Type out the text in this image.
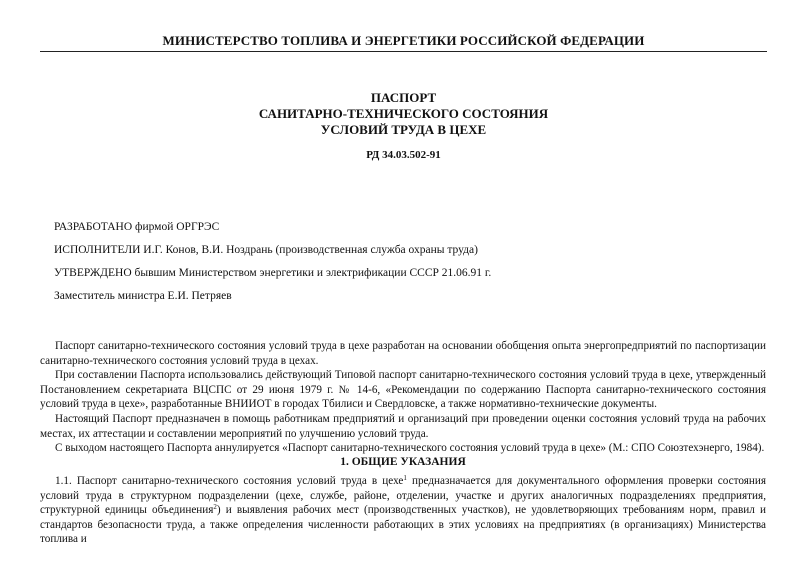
МИНИСТЕРСТВО ТОПЛИВА И ЭНЕРГЕТИКИ РОССИЙСКОЙ ФЕДЕРАЦИИ
ПАСПОРТ
САНИТАРНО-ТЕХНИЧЕСКОГО СОСТОЯНИЯ
УСЛОВИЙ ТРУДА В ЦЕХЕ
РД 34.03.502-91
РАЗРАБОТАНО фирмой ОРГРЭС
ИСПОЛНИТЕЛИ И.Г. Конов, В.И. Ноздрань (производственная служба охраны труда)
УТВЕРЖДЕНО бывшим Министерством энергетики и электрификации СССР 21.06.91 г.
Заместитель министра Е.И. Петряев

Паспорт санитарно-технического состояния условий труда в цехе разработан на основании обобщения опыта энергопредприятий по паспортизации санитарно-технического состояния условий труда в цехах.

При составлении Паспорта использовались действующий Типовой паспорт санитарно-технического состояния условий труда в цехе, утвержденный Постановлением секретариата ВЦСПС от 29 июня 1979 г. № 14-6, «Рекомендации по содержанию Паспорта санитарно-технического состояния условий труда в цехе», разработанные ВНИИОТ в городах Тбилиси и Свердловске, а также нормативно-технические документы.

Настоящий Паспорт предназначен в помощь работникам предприятий и организаций при проведении оценки состояния условий труда на рабочих местах, их аттестации и составлении мероприятий по улучшению условий труда.

С выходом настоящего Паспорта аннулируется «Паспорт санитарно-технического состояния условий труда в цехе» (М.: СПО Союзтехэнерго, 1984).

1. ОБЩИЕ УКАЗАНИЯ

1.1. Паспорт санитарно-технического состояния условий труда в цехе$^1$ предназначается для документального оформления проверки состояния условий труда в структурном подразделении (цехе, службе, районе, отделении, участке и других аналогичных подразделениях предприятия, структурной единицы объединения$^2$) и выявления рабочих мест (производственных участков), не удовлетворяющих требованиям норм, правил и стандартов безопасности труда, а также определения численности работающих в этих условиях на предприятиях (в организациях) Министерства топлива и
